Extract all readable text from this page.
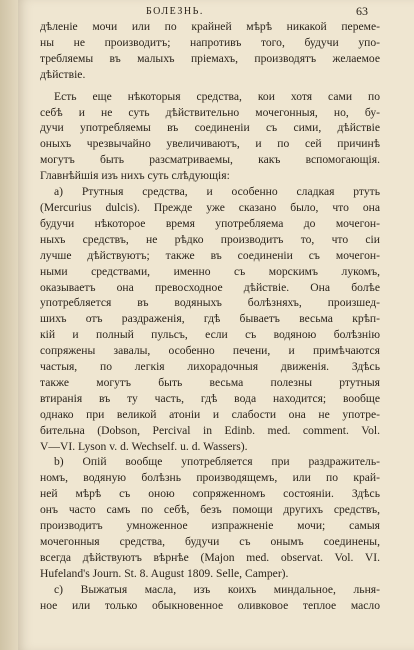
БОЛЕЗНЬ.	63
дѣленіе мочи или по крайней мѣрѣ никакой переме-
ны не производитъ; напротивъ того, будучи упо-
требляемы въ малыхъ пріемахъ, производятъ желаемое
дѣйствіе.
Есть еще нѣкоторыя средства, кои хотя сами по
себѣ и не суть дѣйствительно мочегонныя, но, бу-
дучи употребляемы въ соединеніи съ сими, дѣйствіе
оныхъ чрезвычайно увеличиваютъ, и по сей причинѣ
могутъ быть разсматриваемы, какъ вспомогающія.
Главнѣйшія изъ нихъ суть слѣдующія:
а) Ртутныя средства, и особенно сладкая ртуть
(Mercurius dulcis). Прежде уже сказано было, что она
будучи нѣкоторое время употребляема до мочегон-
ныхъ средствъ, не рѣдко производитъ то, что сіи
лучше дѣйствуютъ; также въ соединеніи съ мочегон-
ными средствами, именно съ морскимъ лукомъ,
оказываетъ она превосходное дѣйствіе. Она болѣе
употребляется въ водяныхъ болѣзняхъ, произшед-
шихъ отъ раздраженія, гдѣ бываетъ весьма крѣп-
кій и полный пульсъ, если съ водяною болѣзнію
сопряжены завалы, особенно печени, и примѣчаются
частыя, по легкія лихорадочныя движенія. Здѣсь
также могутъ быть весьма полезны ртутныя
втиранія въ ту часть, гдѣ вода находится; вообще
однако при великой атоніи и слабости она не употре-
бительна (Dobson, Percival in Edinb. med. comment. Vol.
V—VI. Lyson v. d. Wechself. u. d. Wassers).
b) Опій вообще употребляется при раздражитель-
номъ, водяную болѣзнь производящемъ, или по край-
ней мѣрѣ съ оною сопряженномъ состояніи. Здѣсь
онъ часто самъ по себѣ, безъ помощи другихъ средствъ,
производитъ умноженное изпражненіе мочи; самыя
мочегонныя средства, будучи съ онымъ соединены,
всегда дѣйствуютъ вѣрнѣе (Majon med. observat. Vol. VI.
Hufeland's Journ. St. 8. August 1809. Selle, Camper).
c) Выжатыя масла, изъ коихъ миндальное, льня-
ное или только обыкновенное оливковое теплое масло
